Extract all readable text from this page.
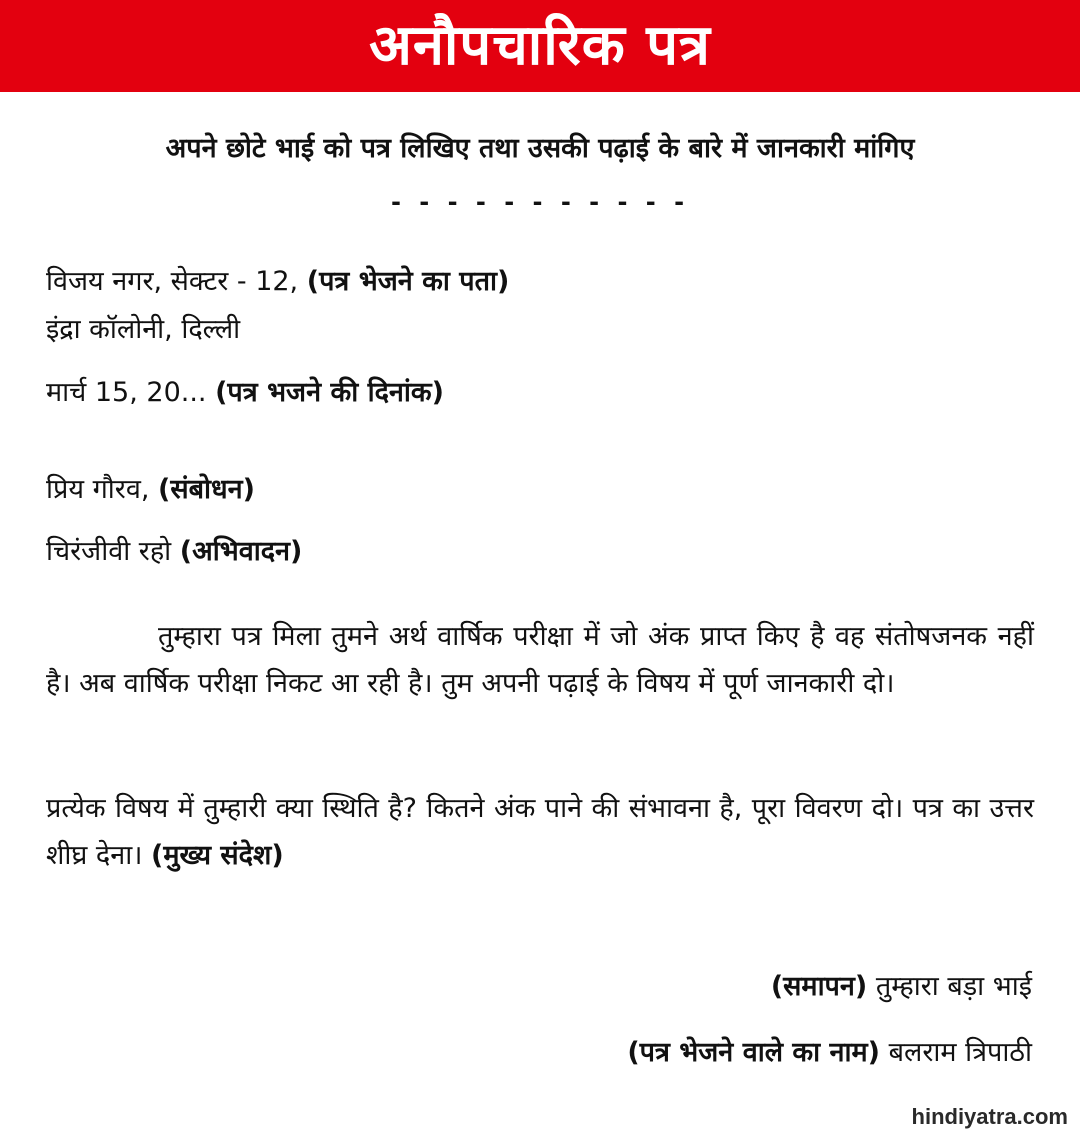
अनौपचारिक पत्र
अपने छोटे भाई को पत्र लिखिए तथा उसकी पढ़ाई के बारे में जानकारी मांगिए
- - - - - - - - - - -
विजय नगर, सेक्टर - 12, (पत्र भेजने का पता)
इंद्रा कॉलोनी, दिल्ली
मार्च 15, 20... (पत्र भजने की दिनांक)
प्रिय गौरव, (संबोधन)
चिरंजीवी रहो (अभिवादन)
तुम्हारा पत्र मिला तुमने अर्थ वार्षिक परीक्षा में जो अंक प्राप्त किए है वह संतोषजनक नहीं है। अब वार्षिक परीक्षा निकट आ रही है। तुम अपनी पढ़ाई के विषय में पूर्ण जानकारी दो।
प्रत्येक विषय में तुम्हारी क्या स्थिति है? कितने अंक पाने की संभावना है, पूरा विवरण दो। पत्र का उत्तर शीघ्र देना। (मुख्य संदेश)
(समापन) तुम्हारा बड़ा भाई
(पत्र भेजने वाले का नाम) बलराम त्रिपाठी
hindiyatra.com
